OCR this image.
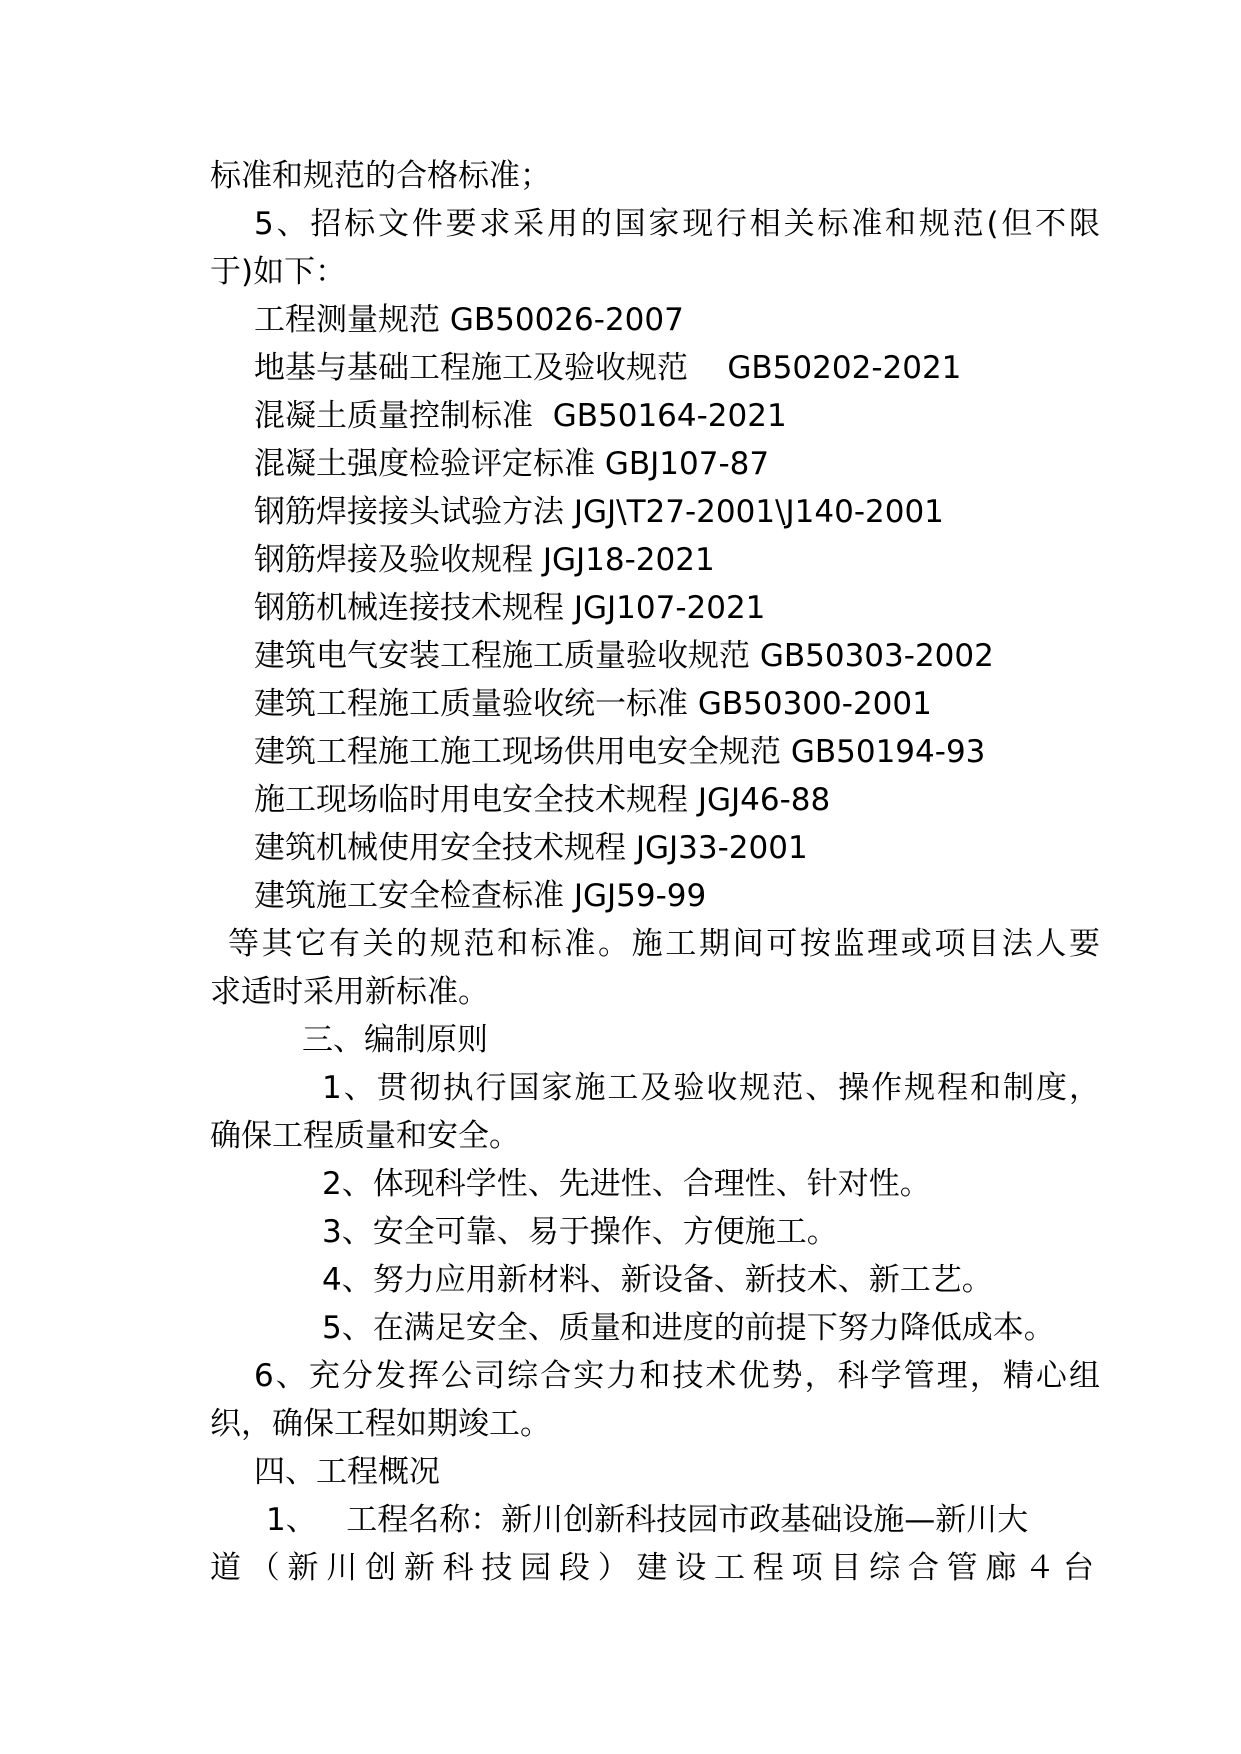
标准和规范的合格标准；
5、招标文件要求采用的国家现行相关标准和规范(但不限
于)如下：
工程测量规范 GB50026-2007
地基与基础工程施工及验收规范    GB50202-2021
混凝土质量控制标准  GB50164-2021
混凝土强度检验评定标准 GBJ107-87
钢筋焊接接头试验方法 JGJ\T27-2001\J140-2001
钢筋焊接及验收规程 JGJ18-2021
钢筋机械连接技术规程 JGJ107-2021
建筑电气安装工程施工质量验收规范 GB50303-2002
建筑工程施工质量验收统一标准 GB50300-2001
建筑工程施工施工现场供用电安全规范 GB50194-93
施工现场临时用电安全技术规程 JGJ46-88
建筑机械使用安全技术规程 JGJ33-2001
建筑施工安全检查标准 JGJ59-99
等其它有关的规范和标准。施工期间可按监理或项目法人要
求适时采用新标准。
三、编制原则
1、贯彻执行国家施工及验收规范、操作规程和制度，
确保工程质量和安全。
2、体现科学性、先进性、合理性、针对性。
3、安全可靠、易于操作、方便施工。
4、努力应用新材料、新设备、新技术、新工艺。
5、在满足安全、质量和进度的前提下努力降低成本。
6、充分发挥公司综合实力和技术优势，科学管理，精心组
织，确保工程如期竣工。
四、工程概况
1、   工程名称：新川创新科技园市政基础设施—新川大
道（新川创新科技园段）建设工程项目综合管廊４台
